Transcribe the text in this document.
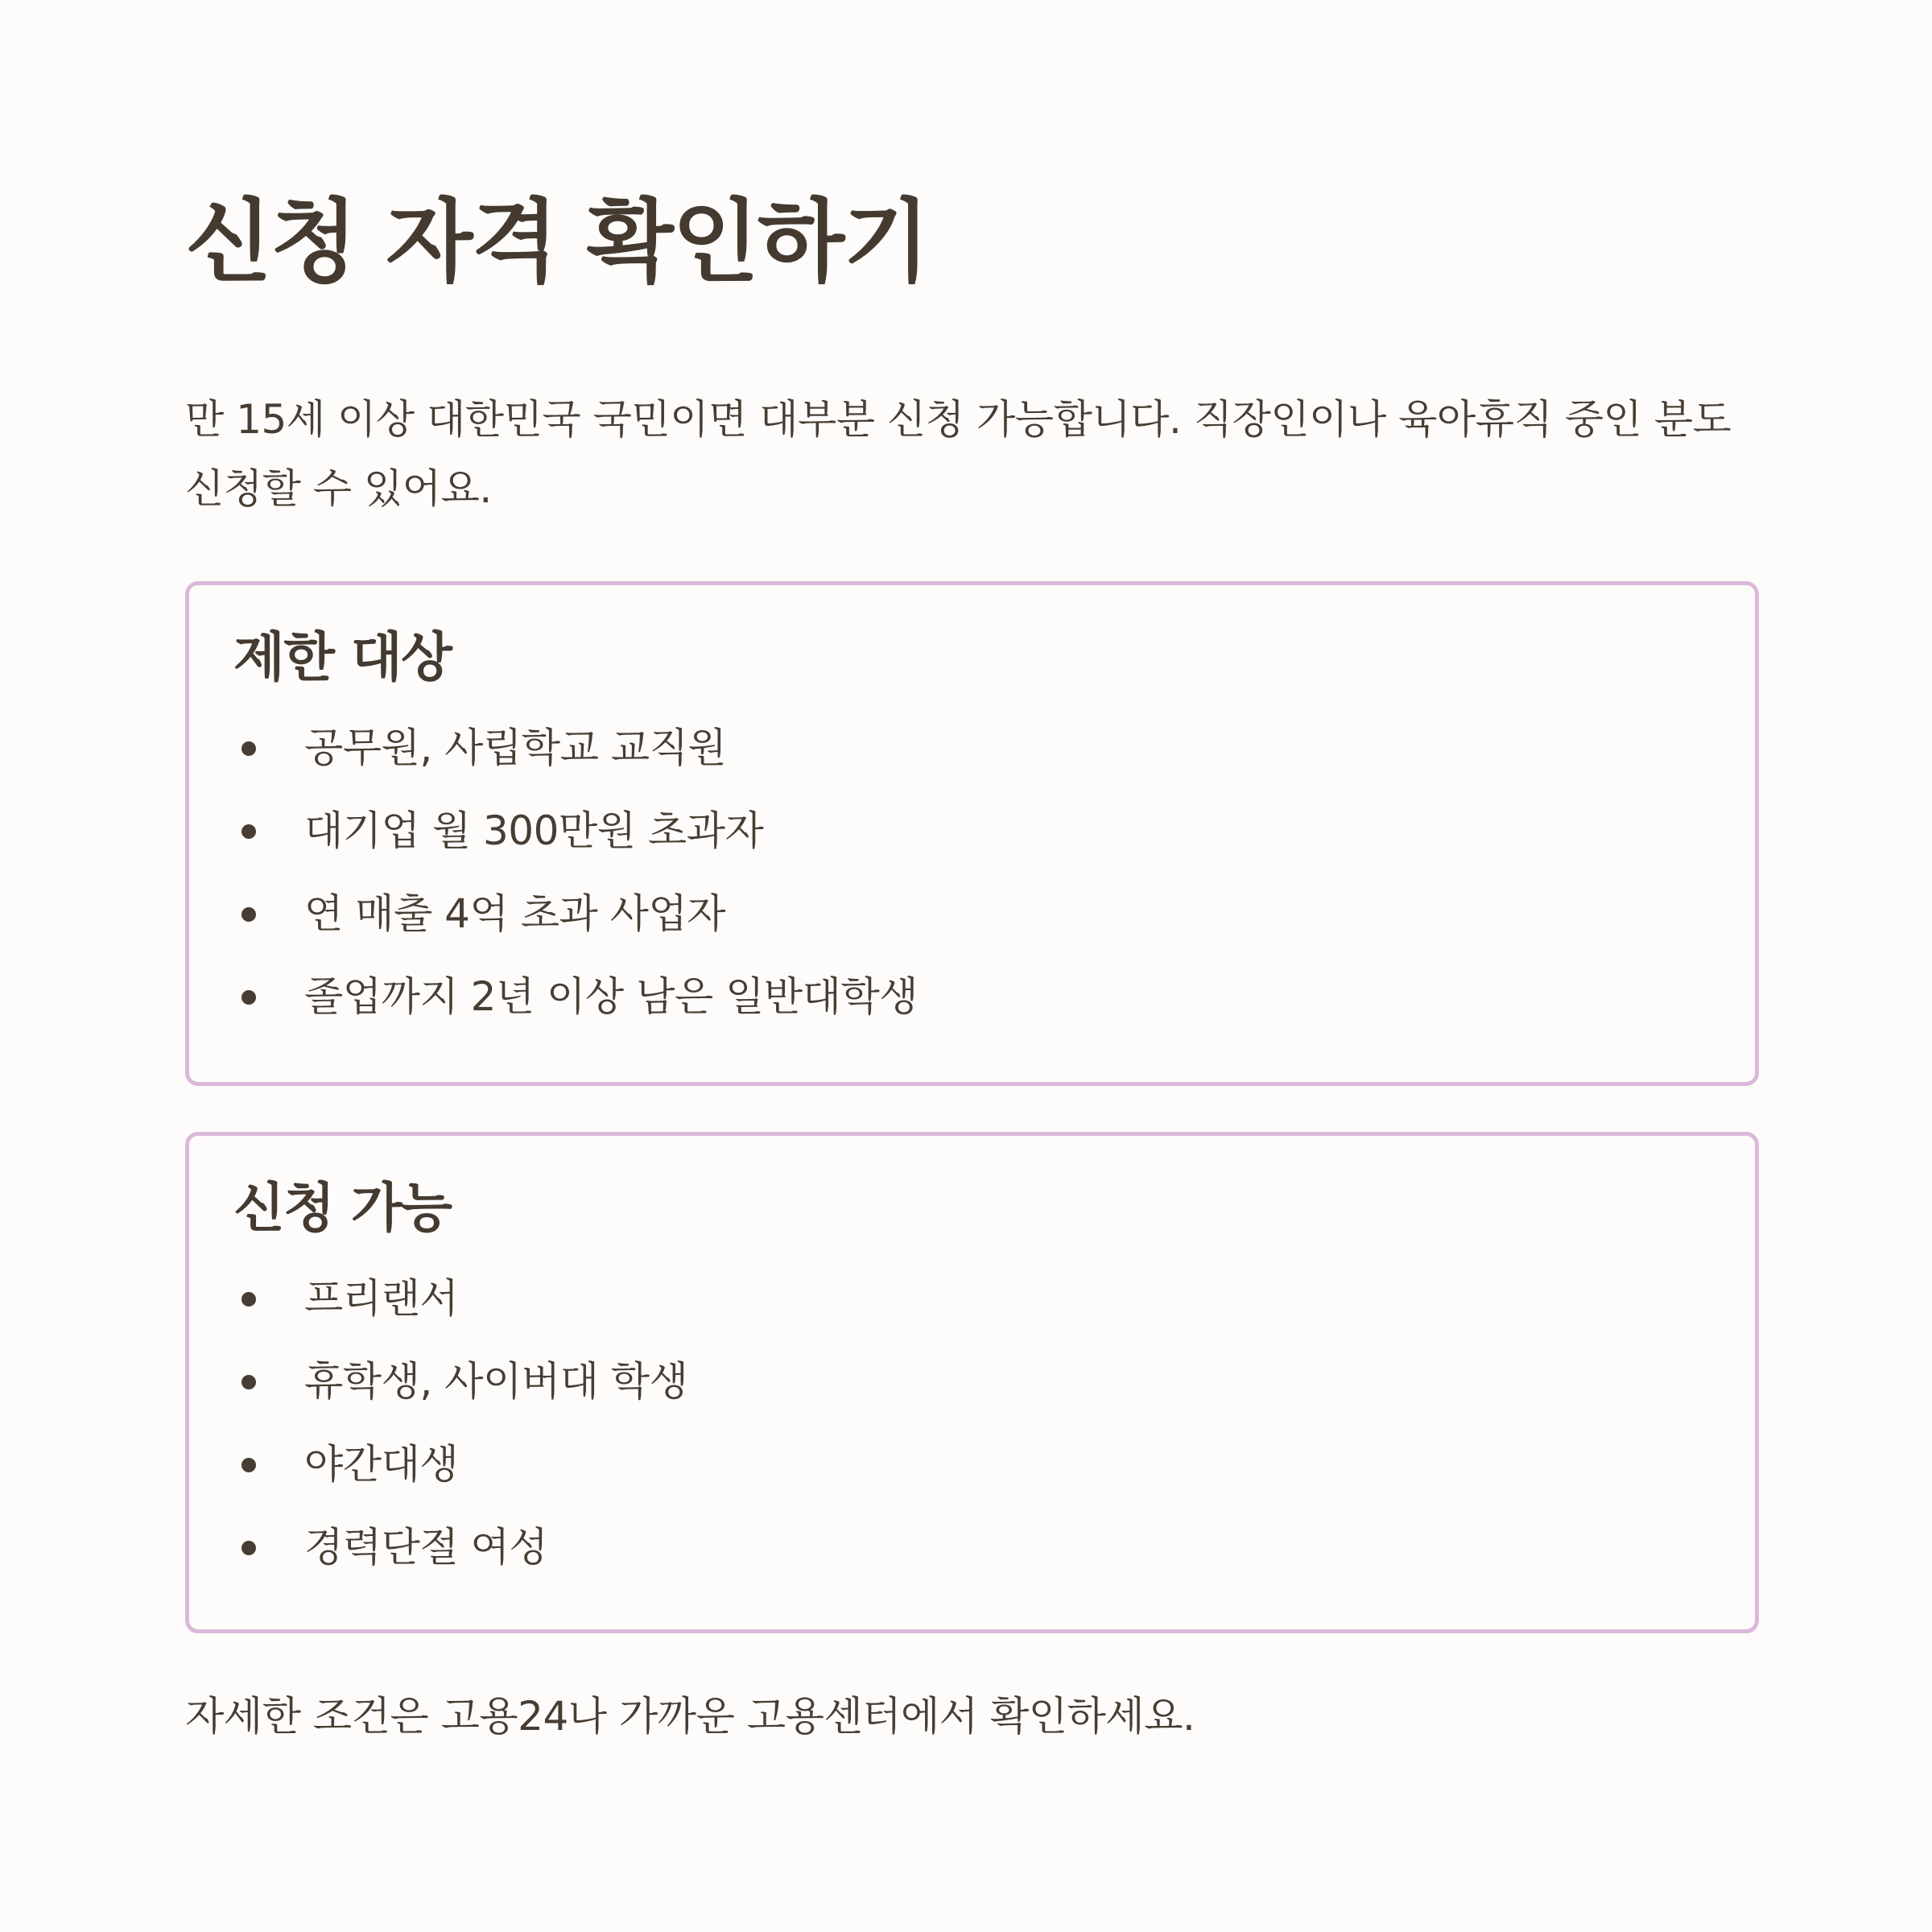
신청 자격 확인하기

만 15세 이상 대한민국 국민이면 대부분 신청 가능합니다. 직장인이나 육아휴직 중인 분도 신청할 수 있어요.

제한 대상
공무원, 사립학교 교직원
대기업 월 300만원 초과자
연 매출 4억 초과 사업자
졸업까지 2년 이상 남은 일반대학생
신청 가능
프리랜서
휴학생, 사이버대 학생
야간대생
경력단절 여성

자세한 조건은 고용24나 가까운 고용센터에서 확인하세요.
